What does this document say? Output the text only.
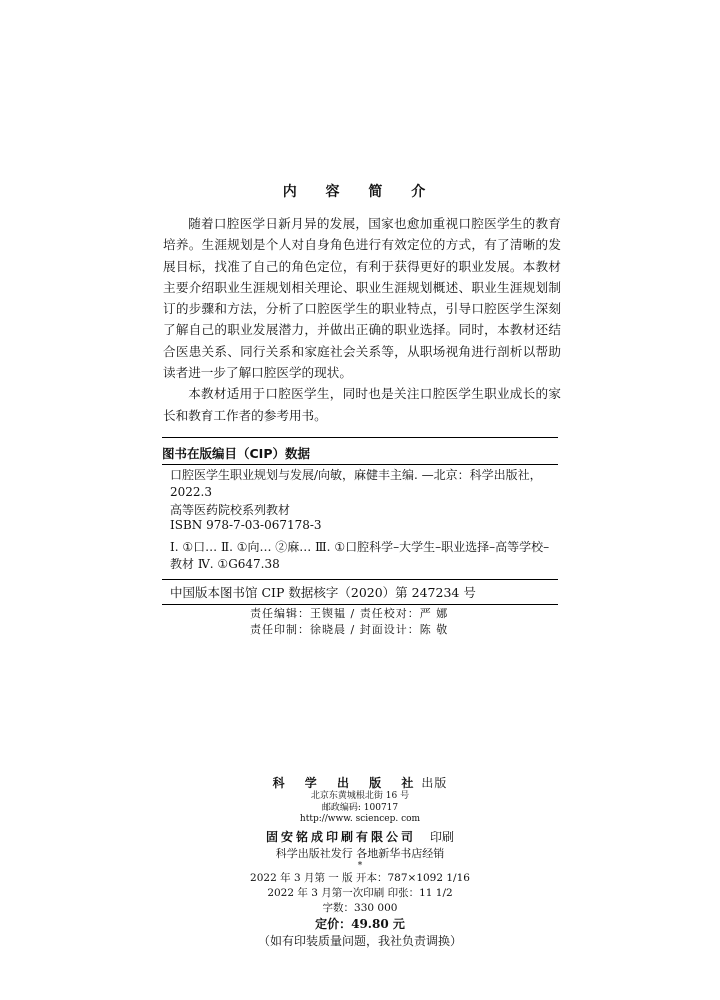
内 容 简 介

随着口腔医学日新月异的发展，国家也愈加重视口腔医学生的教育培养。生涯规划是个人对自身角色进行有效定位的方式，有了清晰的发展目标，找准了自己的角色定位，有利于获得更好的职业发展。本教材主要介绍职业生涯规划相关理论、职业生涯规划概述、职业生涯规划制订的步骤和方法，分析了口腔医学生的职业特点，引导口腔医学生深刻了解自己的职业发展潜力，并做出正确的职业选择。同时，本教材还结合医患关系、同行关系和家庭社会关系等，从职场视角进行剖析以帮助读者进一步了解口腔医学的现状。

本教材适用于口腔医学生，同时也是关注口腔医学生职业成长的家长和教育工作者的参考用书。

图书在版编目（CIP）数据
口腔医学生职业规划与发展/向敏，麻健丰主编. —北京：科学出版社，2022.3
高等医药院校系列教材
ISBN 978-7-03-067178-3
Ⅰ. ①口… Ⅱ. ①向… ②麻… Ⅲ. ①口腔科学–大学生–职业选择–高等学校–教材 Ⅳ. ①G647.38
中国版本图书馆 CIP 数据核字（2020）第 247234 号
责任编辑：王锲韫 / 责任校对：严 娜
责任印制：徐晓晨 / 封面设计：陈 敬
科 学 出 版 社出版
北京东黄城根北街 16 号
邮政编码: 100717
http://www. sciencep. com
固安铭成印刷有限公司 印刷
科学出版社发行 各地新华书店经销
*
2022 年 3 月第 一 版 开本：787×1092 1/16
2022 年 3 月第一次印刷 印张：11 1/2
字数：330 000
定价：49.80 元
（如有印装质量问题，我社负责调换）
